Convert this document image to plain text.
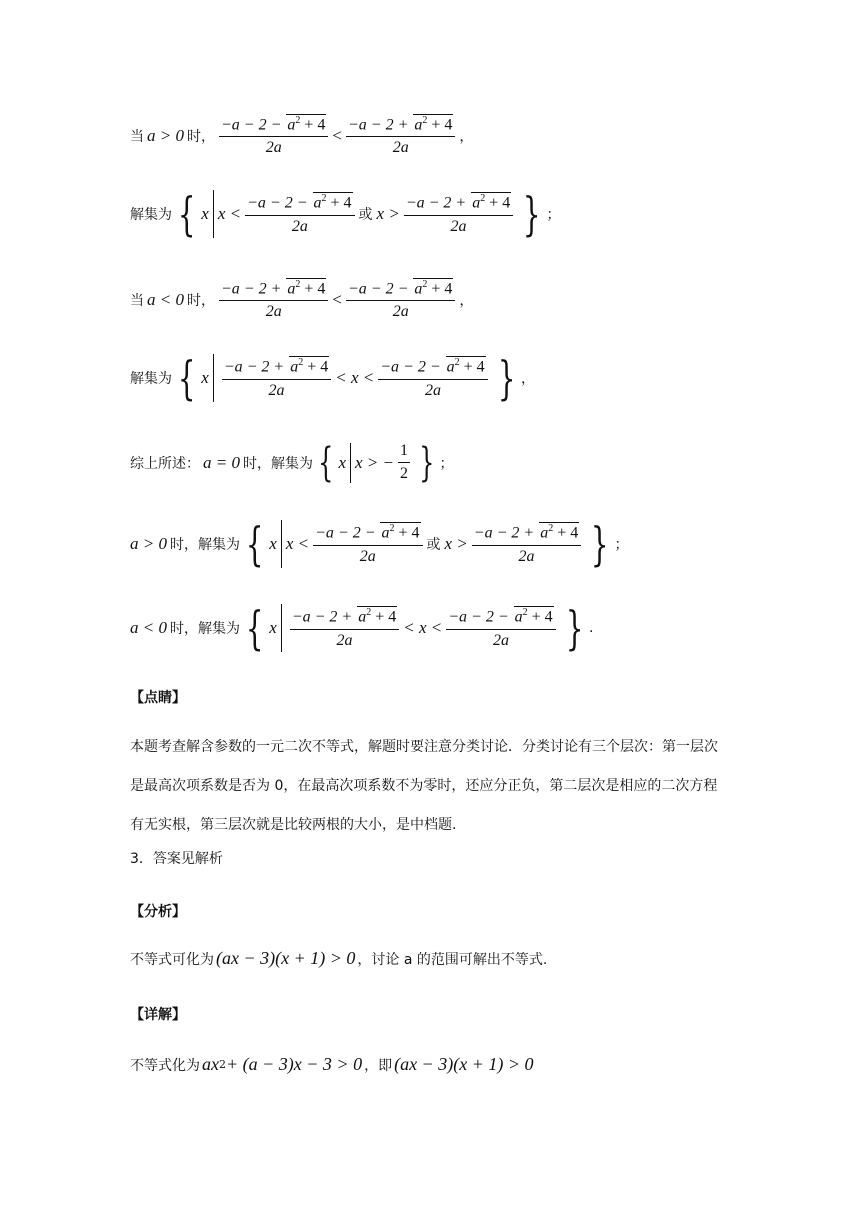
当 a > 0 时， $\frac{-a - 2 - a^2 + 4}{2a} < \frac{-a - 2 + a^2 + 4}{2a}$ ，
解集为 { x $x < \frac{-a - 2 - a^2 + 4}{2a}$ 或 $x > \frac{-a - 2 + a^2 + 4}{2a}$ } ；
当 a < 0 时， $\frac{-a - 2 + a^2 + 4}{2a} < \frac{-a - 2 - a^2 + 4}{2a}$ ，
解集为 { x $\frac{-a - 2 + a^2 + 4}{2a} < x < \frac{-a - 2 - a^2 + 4}{2a}$ } ，
综上所述： a = 0 时，解集为 { x x > − $\frac{1}{2}$ } ；
a > 0 时，解集为 { x $x < \frac{-a - 2 - a^2 + 4}{2a}$ 或 $x > \frac{-a - 2 + a^2 + 4}{2a}$ } ；
a < 0 时，解集为 { x $\frac{-a - 2 + a^2 + 4}{2a} < x < \frac{-a - 2 - a^2 + 4}{2a}$ } .
【点睛】
本题考查解含参数的一元二次不等式，解题时要注意分类讨论．分类讨论有三个层次：第一层次是最高次项系数是否为 0，在最高次项系数不为零时，还应分正负，第二层次是相应的二次方程有无实根，第三层次就是比较两根的大小，是中档题.
3．答案见解析
【分析】
不等式可化为 (ax − 3)(x + 1) > 0 ，讨论 a 的范围可解出不等式.
【详解】
不等式化为 ax 2 + (a − 3)x − 3 > 0 ，即 (ax − 3)(x + 1) > 0
